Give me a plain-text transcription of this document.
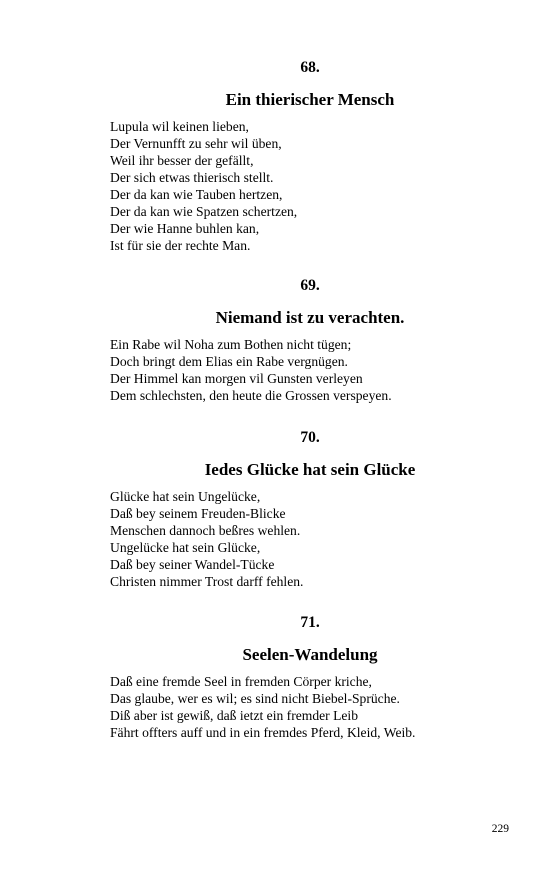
68.

Ein thierischer Mensch

Lupula wil keinen lieben,
Der Vernunfft zu sehr wil üben,
Weil ihr besser der gefällt,
Der sich etwas thierisch stellt.
Der da kan wie Tauben hertzen,
Der da kan wie Spatzen schertzen,
Der wie Hanne buhlen kan,
Ist für sie der rechte Man.

69.

Niemand ist zu verachten.

Ein Rabe wil Noha zum Bothen nicht tügen;
Doch bringt dem Elias ein Rabe vergnügen.
Der Himmel kan morgen vil Gunsten verleyen
Dem schlechsten, den heute die Grossen verspeyen.

70.

Iedes Glücke hat sein Glücke

Glücke hat sein Ungelücke,
Daß bey seinem Freuden-Blicke
Menschen dannoch beßres wehlen.
Ungelücke hat sein Glücke,
Daß bey seiner Wandel-Tücke
Christen nimmer Trost darff fehlen.

71.

Seelen-Wandelung

Daß eine fremde Seel in fremden Cörper kriche,
Das glaube, wer es wil; es sind nicht Biebel-Sprüche.
Diß aber ist gewiß, daß ietzt ein fremder Leib
Fährt offters auff und in ein fremdes Pferd, Kleid, Weib.
229
